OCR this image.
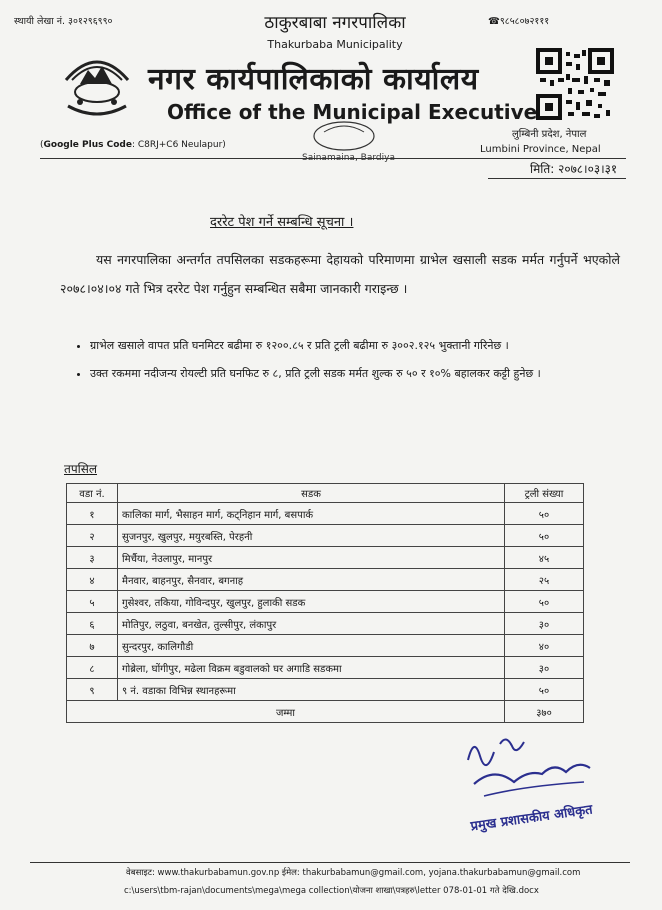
स्थायी लेखा नं. ३०१२९६९९०	☎९८५८०७२१११
ठाकुरबाबा नगरपालिका
Thakurbaba Municipality
नगर कार्यपालिकाको कार्यालय
Office of the Municipal Executive
(Google Plus Code: C8RJ+C6 Neulapur)
Sainamaina, Bardiya
लुम्बिनी प्रदेश, नेपाल
Lumbini Province, Nepal
मिति: २०७८।०३।३१
दररेट पेश गर्ने सम्बन्धि सूचना ।
यस नगरपालिका अन्तर्गत तपसिलका सडकहरूमा देहायको परिमाणमा ग्राभेल खसाली सडक मर्मत गर्नुपर्ने भएकोले २०७८।०४।०४ गते भित्र दररेट पेश गर्नुहुन सम्बन्धित सबैमा जानकारी गराइन्छ ।
• ग्राभेल खसाले वापत प्रति घनमिटर बढीमा रु १२००.८५ र प्रति ट्रली बढीमा रु ३००२.१२५ भुक्तानी गरिनेछ ।
• उक्त रकममा नदीजन्य रोयल्टी प्रति घनफिट रु ८, प्रति ट्रली सडक मर्मत शुल्क रु ५० र १०% बहालकर कट्टी हुनेछ ।
तपसिल
वडा नं.	सडक	ट्रली संख्या
१	कालिका मार्ग, भैसाहन मार्ग, कट्निहान मार्ग, बसपार्क	५०
२	सुजनपुर, खुलपुर, मयुरबस्ति, पेरहनी	५०
३	मिर्चैया, नेउलापुर, मानपुर	४५
४	मैनवार, बाहनपुर, सैनवार, बगनाह	२५
५	गुसेश्वर, तकिया, गोविन्दपुर, खुलपुर, हुलाकी सडक	५०
६	मोतिपुर, लठुवा, बनखेत, तुल्सीपुर, लंकापुर	३०
७	सुन्दरपुर, कालिगौडी	४०
८	गोब्रेला, घोंगीपुर, मढेला विक्रम बडुवालको घर अगाडि सडकमा	३०
९	९ नं. वडाका विभिन्न स्थानहरूमा	५०
जम्मा		३७०
प्रमुख प्रशासकीय अधिकृत
वेबसाइट: www.thakurbabamun.gov.np ईमेल: thakurbabamun@gmail.com, yojana.thakurbabamun@gmail.com
c:\users\tbm-rajan\documents\mega\mega collection\योजना शाखा\पत्रहरु\letter 078-01-01 गते देखि.docx
